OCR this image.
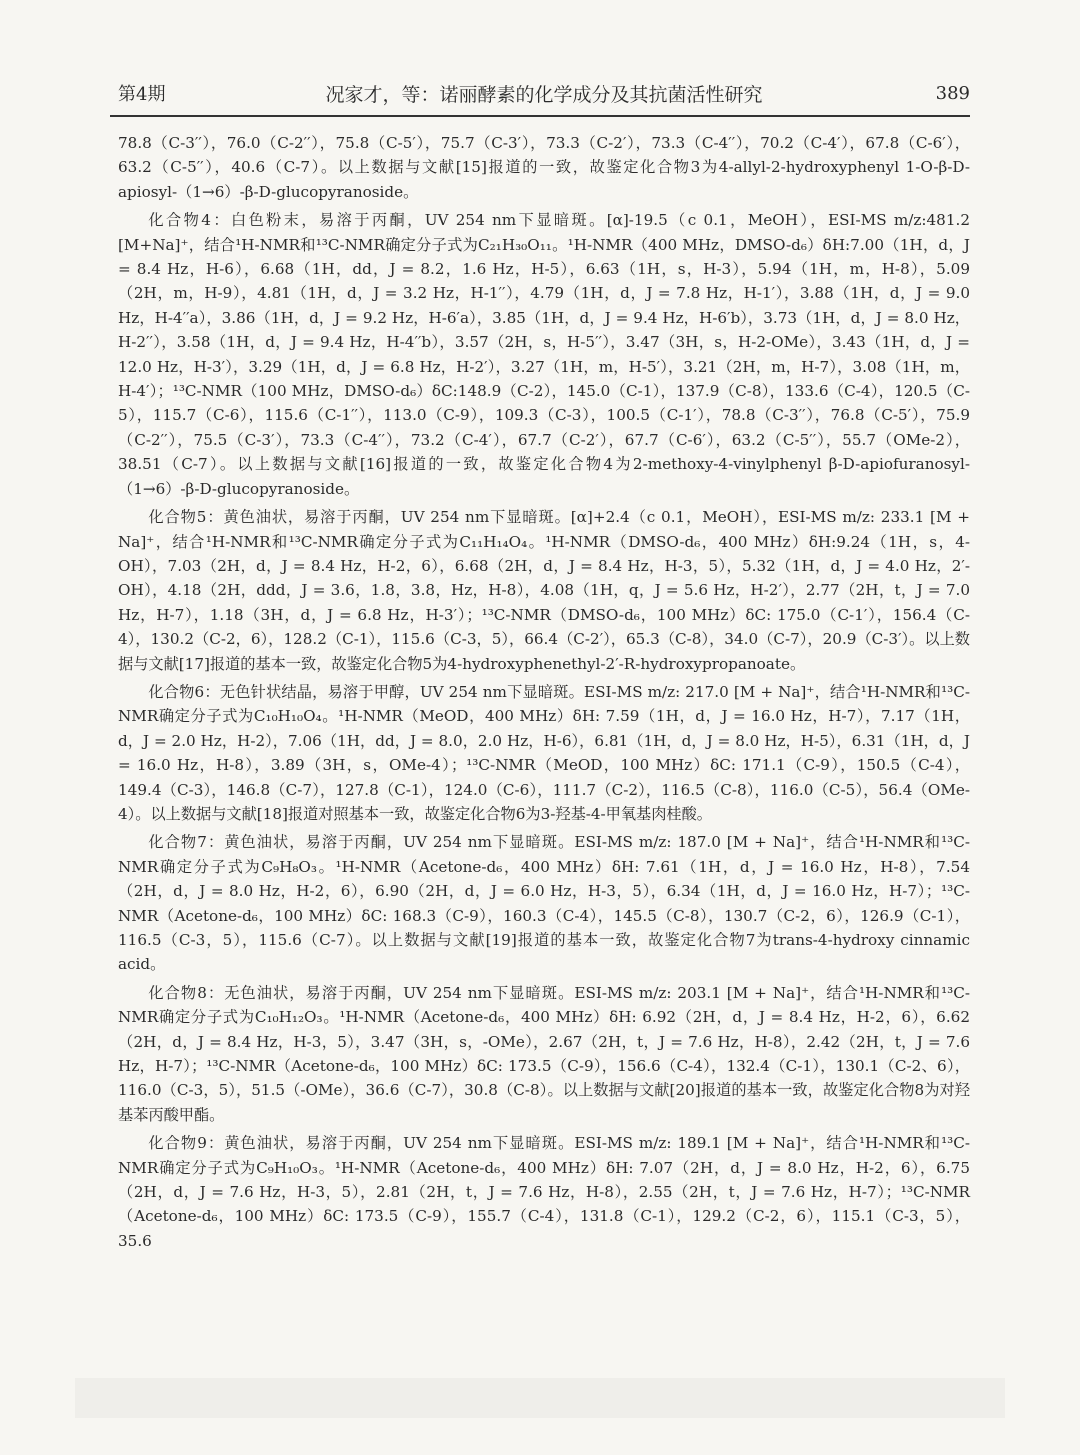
第4期	况家才，等：诺丽酵素的化学成分及其抗菌活性研究	389

78.8（C-3′′），76.0（C-2′′），75.8（C-5′），75.7（C-3′），73.3（C-2′），73.3（C-4′′），70.2（C-4′），67.8（C-6′），63.2（C-5′′），40.6（C-7）。以上数据与文献[15]报道的一致，故鉴定化合物3为4-allyl-2-hydroxyphenyl 1-O-β-D-apiosyl-（1→6）-β-D-glucopyranoside。

化合物4：白色粉末，易溶于丙酮，UV 254 nm下显暗斑。[α]-19.5（c 0.1，MeOH），ESI-MS m/z:481.2 [M+Na]⁺，结合¹H-NMR和¹³C-NMR确定分子式为C₂₁H₃₀O₁₁。¹H-NMR（400 MHz，DMSO-d₆）δH:7.00（1H，d，J = 8.4 Hz，H-6），6.68（1H，dd，J = 8.2，1.6 Hz，H-5），6.63（1H，s，H-3），5.94（1H，m，H-8），5.09（2H，m，H-9），4.81（1H，d，J = 3.2 Hz，H-1′′），4.79（1H，d，J = 7.8 Hz，H-1′），3.88（1H，d，J = 9.0 Hz，H-4′′a），3.86（1H，d，J = 9.2 Hz，H-6′a），3.85（1H，d，J = 9.4 Hz，H-6′b），3.73（1H，d，J = 8.0 Hz，H-2′′），3.58（1H，d，J = 9.4 Hz，H-4′′b），3.57（2H，s，H-5′′），3.47（3H，s，H-2-OMe），3.43（1H，d，J = 12.0 Hz，H-3′），3.29（1H，d，J = 6.8 Hz，H-2′），3.27（1H，m，H-5′），3.21（2H，m，H-7），3.08（1H，m，H-4′）；¹³C-NMR（100 MHz，DMSO-d₆）δC:148.9（C-2），145.0（C-1），137.9（C-8），133.6（C-4），120.5（C-5），115.7（C-6），115.6（C-1′′），113.0（C-9），109.3（C-3），100.5（C-1′），78.8（C-3′′），76.8（C-5′），75.9（C-2′′），75.5（C-3′），73.3（C-4′′），73.2（C-4′），67.7（C-2′），67.7（C-6′），63.2（C-5′′），55.7（OMe-2），38.51（C-7）。以上数据与文献[16]报道的一致，故鉴定化合物4为2-methoxy-4-vinylphenyl β-D-apiofuranosyl-（1→6）-β-D-glucopyranoside。

化合物5：黄色油状，易溶于丙酮，UV 254 nm下显暗斑。[α]+2.4（c 0.1，MeOH），ESI-MS m/z: 233.1 [M + Na]⁺，结合¹H-NMR和¹³C-NMR确定分子式为C₁₁H₁₄O₄。¹H-NMR（DMSO-d₆，400 MHz）δH:9.24（1H，s，4-OH），7.03（2H，d，J = 8.4 Hz，H-2，6），6.68（2H，d，J = 8.4 Hz，H-3，5），5.32（1H，d，J = 4.0 Hz，2′-OH），4.18（2H，ddd，J = 3.6，1.8，3.8，Hz，H-8），4.08（1H，q，J = 5.6 Hz，H-2′），2.77（2H，t，J = 7.0 Hz，H-7），1.18（3H，d，J = 6.8 Hz，H-3′）；¹³C-NMR（DMSO-d₆，100 MHz）δC: 175.0（C-1′），156.4（C-4），130.2（C-2，6），128.2（C-1），115.6（C-3，5），66.4（C-2′），65.3（C-8），34.0（C-7），20.9（C-3′）。以上数据与文献[17]报道的基本一致，故鉴定化合物5为4-hydroxyphenethyl-2′-R-hydroxypropanoate。

化合物6：无色针状结晶，易溶于甲醇，UV 254 nm下显暗斑。ESI-MS m/z: 217.0 [M + Na]⁺，结合¹H-NMR和¹³C-NMR确定分子式为C₁₀H₁₀O₄。¹H-NMR（MeOD，400 MHz）δH: 7.59（1H，d，J = 16.0 Hz，H-7），7.17（1H，d，J = 2.0 Hz，H-2），7.06（1H，dd，J = 8.0，2.0 Hz，H-6），6.81（1H，d，J = 8.0 Hz，H-5），6.31（1H，d，J = 16.0 Hz，H-8），3.89（3H，s，OMe-4）；¹³C-NMR（MeOD，100 MHz）δC: 171.1（C-9），150.5（C-4），149.4（C-3），146.8（C-7），127.8（C-1），124.0（C-6），111.7（C-2），116.5（C-8），116.0（C-5），56.4（OMe-4）。以上数据与文献[18]报道对照基本一致，故鉴定化合物6为3-羟基-4-甲氧基肉桂酸。

化合物7：黄色油状，易溶于丙酮，UV 254 nm下显暗斑。ESI-MS m/z: 187.0 [M + Na]⁺，结合¹H-NMR和¹³C-NMR确定分子式为C₉H₈O₃。¹H-NMR（Acetone-d₆，400 MHz）δH: 7.61（1H，d，J = 16.0 Hz，H-8），7.54（2H，d，J = 8.0 Hz，H-2，6），6.90（2H，d，J = 6.0 Hz，H-3，5），6.34（1H，d，J = 16.0 Hz，H-7）；¹³C-NMR（Acetone-d₆，100 MHz）δC: 168.3（C-9），160.3（C-4），145.5（C-8），130.7（C-2，6），126.9（C-1），116.5（C-3，5），115.6（C-7）。以上数据与文献[19]报道的基本一致，故鉴定化合物7为trans-4-hydroxy cinnamic acid。

化合物8：无色油状，易溶于丙酮，UV 254 nm下显暗斑。ESI-MS m/z: 203.1 [M + Na]⁺，结合¹H-NMR和¹³C-NMR确定分子式为C₁₀H₁₂O₃。¹H-NMR（Acetone-d₆，400 MHz）δH: 6.92（2H，d，J = 8.4 Hz，H-2，6），6.62（2H，d，J = 8.4 Hz，H-3，5），3.47（3H，s，-OMe），2.67（2H，t，J = 7.6 Hz，H-8），2.42（2H，t，J = 7.6 Hz，H-7）；¹³C-NMR（Acetone-d₆，100 MHz）δC: 173.5（C-9），156.6（C-4），132.4（C-1），130.1（C-2、6），116.0（C-3，5），51.5（-OMe），36.6（C-7），30.8（C-8）。以上数据与文献[20]报道的基本一致，故鉴定化合物8为对羟基苯丙酸甲酯。

化合物9：黄色油状，易溶于丙酮，UV 254 nm下显暗斑。ESI-MS m/z: 189.1 [M + Na]⁺，结合¹H-NMR和¹³C-NMR确定分子式为C₉H₁₀O₃。¹H-NMR（Acetone-d₆，400 MHz）δH: 7.07（2H，d，J = 8.0 Hz，H-2，6），6.75（2H，d，J = 7.6 Hz，H-3，5），2.81（2H，t，J = 7.6 Hz，H-8），2.55（2H，t，J = 7.6 Hz，H-7）；¹³C-NMR（Acetone-d₆，100 MHz）δC: 173.5（C-9），155.7（C-4），131.8（C-1），129.2（C-2，6），115.1（C-3，5），35.6
